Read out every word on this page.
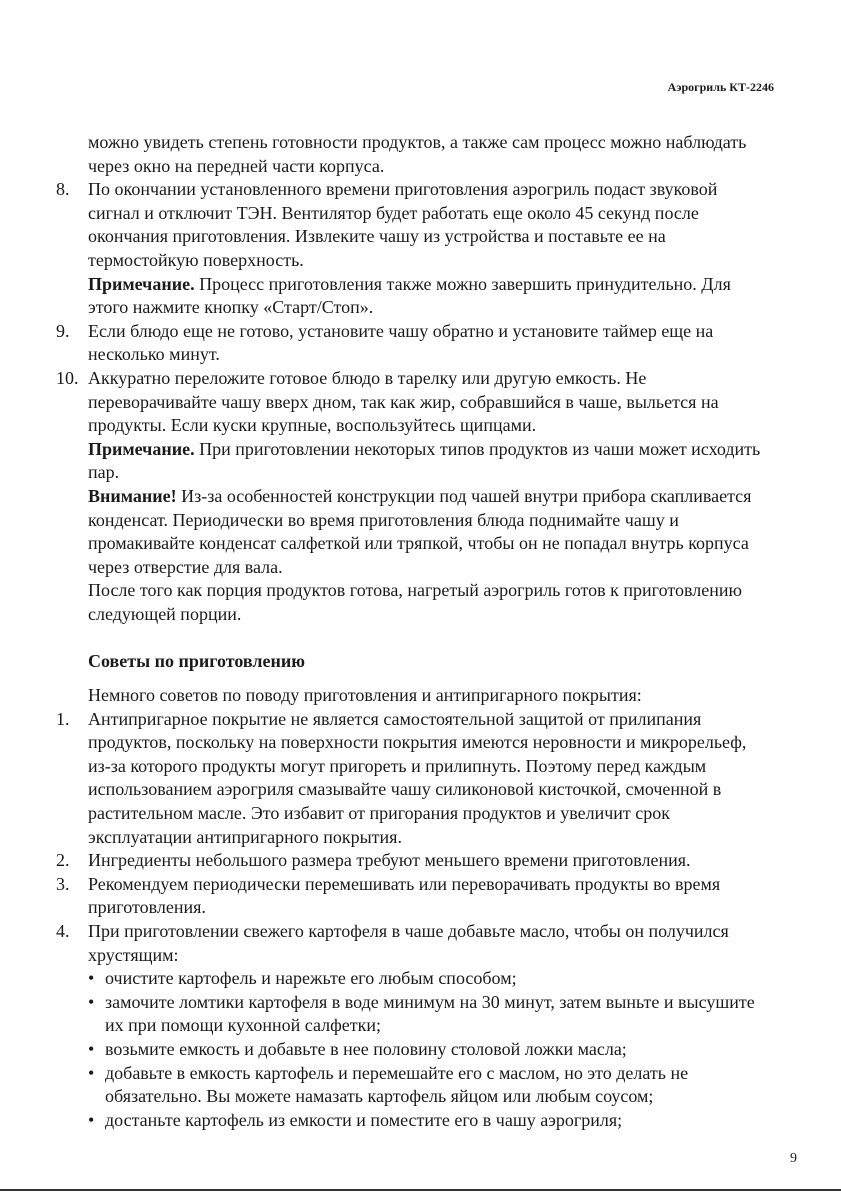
Аэрогриль КТ-2246

можно увидеть степень готовности продуктов, а также сам процесс можно наблюдать через окно на передней части корпуса.

8.	По окончании установленного времени приготовления аэрогриль подаст звуковой сигнал и отключит ТЭН. Вентилятор будет работать еще около 45 секунд после окончания приготовления. Извлеките чашу из устройства и поставьте ее на термостойкую поверхность.

Примечание. Процесс приготовления также можно завершить принудительно. Для этого нажмите кнопку «Старт/Стоп».

9.	Если блюдо еще не готово, установите чашу обратно и установите таймер еще на несколько минут.

10. Аккуратно переложите готовое блюдо в тарелку или другую емкость. Не переворачивайте чашу вверх дном, так как жир, собравшийся в чаше, выльется на продукты. Если куски крупные, воспользуйтесь щипцами.

Примечание. При приготовлении некоторых типов продуктов из чаши может исходить пар.

Внимание! Из-за особенностей конструкции под чашей внутри прибора скапливается конденсат. Периодически во время приготовления блюда поднимайте чашу и промакивайте конденсат салфеткой или тряпкой, чтобы он не попадал внутрь корпуса через отверстие для вала.

После того как порция продуктов готова, нагретый аэрогриль готов к приготовлению следующей порции.

Советы по приготовлению

Немного советов по поводу приготовления и антипригарного покрытия:

1.	Антипригарное покрытие не является самостоятельной защитой от прилипания продуктов, поскольку на поверхности покрытия имеются неровности и микрорельеф, из-за которого продукты могут пригореть и прилипнуть. Поэтому перед каждым использованием аэрогриля смазывайте чашу силиконовой кисточкой, смоченной в растительном масле. Это избавит от пригорания продуктов и увеличит срок эксплуатации антипригарного покрытия.

2.	Ингредиенты небольшого размера требуют меньшего времени приготовления.

3.	Рекомендуем периодически перемешивать или переворачивать продукты во время приготовления.

4.	При приготовлении свежего картофеля в чаше добавьте масло, чтобы он получился хрустящим:

• очистите картофель и нарежьте его любым способом;
• замочите ломтики картофеля в воде минимум на 30 минут, затем выньте и высушите их при помощи кухонной салфетки;
• возьмите емкость и добавьте в нее половину столовой ложки масла;
• добавьте в емкость картофель и перемешайте его с маслом, но это делать не обязательно. Вы можете намазать картофель яйцом или любым соусом;
• достаньте картофель из емкости и поместите его в чашу аэрогриля;
9
